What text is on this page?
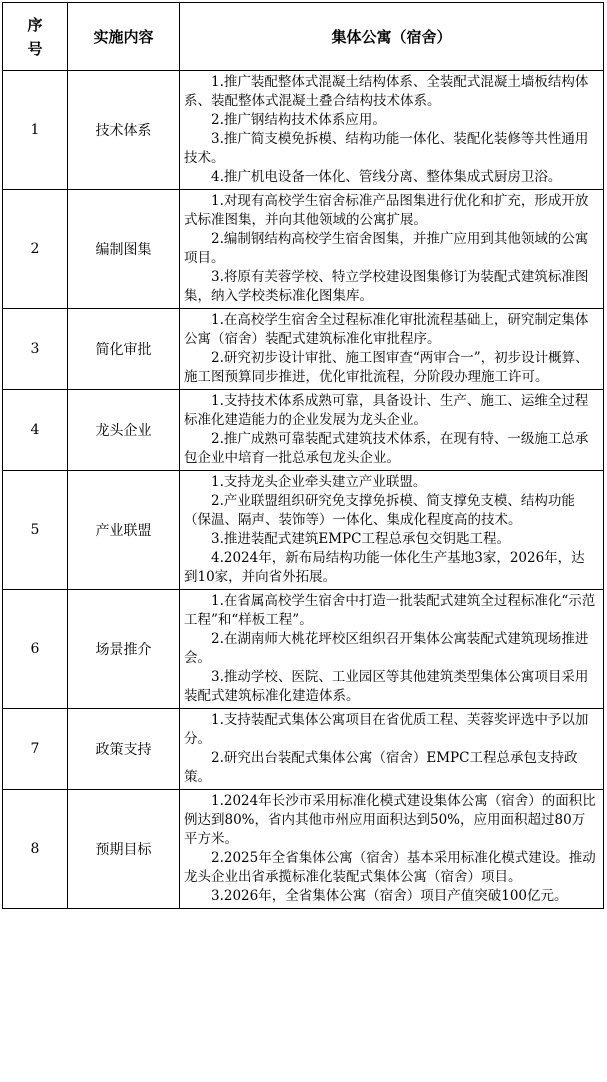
序
号	实施内容	集体公寓（宿舍）
1	技术体系	1.推广装配整体式混凝土结构体系、全装配式混凝土墙板结构体系、装配整体式混凝土叠合结构技术体系。

2.推广钢结构技术体系应用。

3.推广简支模免拆模、结构功能一体化、装配化装修等共性通用技术。

4.推广机电设备一体化、管线分离、整体集成式厨房卫浴。

2	编制图集	1.对现有高校学生宿舍标准产品图集进行优化和扩充，形成开放式标准图集，并向其他领域的公寓扩展。

2.编制钢结构高校学生宿舍图集，并推广应用到其他领域的公寓项目。

3.将原有芙蓉学校、特立学校建设图集修订为装配式建筑标准图集，纳入学校类标准化图集库。

3	简化审批	1.在高校学生宿舍全过程标准化审批流程基础上，研究制定集体公寓（宿舍）装配式建筑标准化审批程序。

2.研究初步设计审批、施工图审查“两审合一”，初步设计概算、施工图预算同步推进，优化审批流程，分阶段办理施工许可。

4	龙头企业	1.支持技术体系成熟可靠，具备设计、生产、施工、运维全过程标准化建造能力的企业发展为龙头企业。

2.推广成熟可靠装配式建筑技术体系，在现有特、一级施工总承包企业中培育一批总承包龙头企业。

5	产业联盟	1.支持龙头企业牵头建立产业联盟。

2.产业联盟组织研究免支撑免拆模、简支撑免支模、结构功能（保温、隔声、装饰等）一体化、集成化程度高的技术。

3.推进装配式建筑EMPC工程总承包交钥匙工程。

4.2024年，新布局结构功能一体化生产基地3家，2026年，达到10家，并向省外拓展。

6	场景推介	1.在省属高校学生宿舍中打造一批装配式建筑全过程标准化“示范工程”和“样板工程”。

2.在湖南师大桃花坪校区组织召开集体公寓装配式建筑现场推进会。

3.推动学校、医院、工业园区等其他建筑类型集体公寓项目采用装配式建筑标准化建造体系。

7	政策支持	1.支持装配式集体公寓项目在省优质工程、芙蓉奖评选中予以加分。

2.研究出台装配式集体公寓（宿舍）EMPC工程总承包支持政策。

8	预期目标	1.2024年长沙市采用标准化模式建设集体公寓（宿舍）的面积比例达到80%，省内其他市州应用面积达到50%，应用面积超过80万平方米。

2.2025年全省集体公寓（宿舍）基本采用标准化模式建设。推动龙头企业出省承揽标准化装配式集体公寓（宿舍）项目。

3.2026年，全省集体公寓（宿舍）项目产值突破100亿元。
